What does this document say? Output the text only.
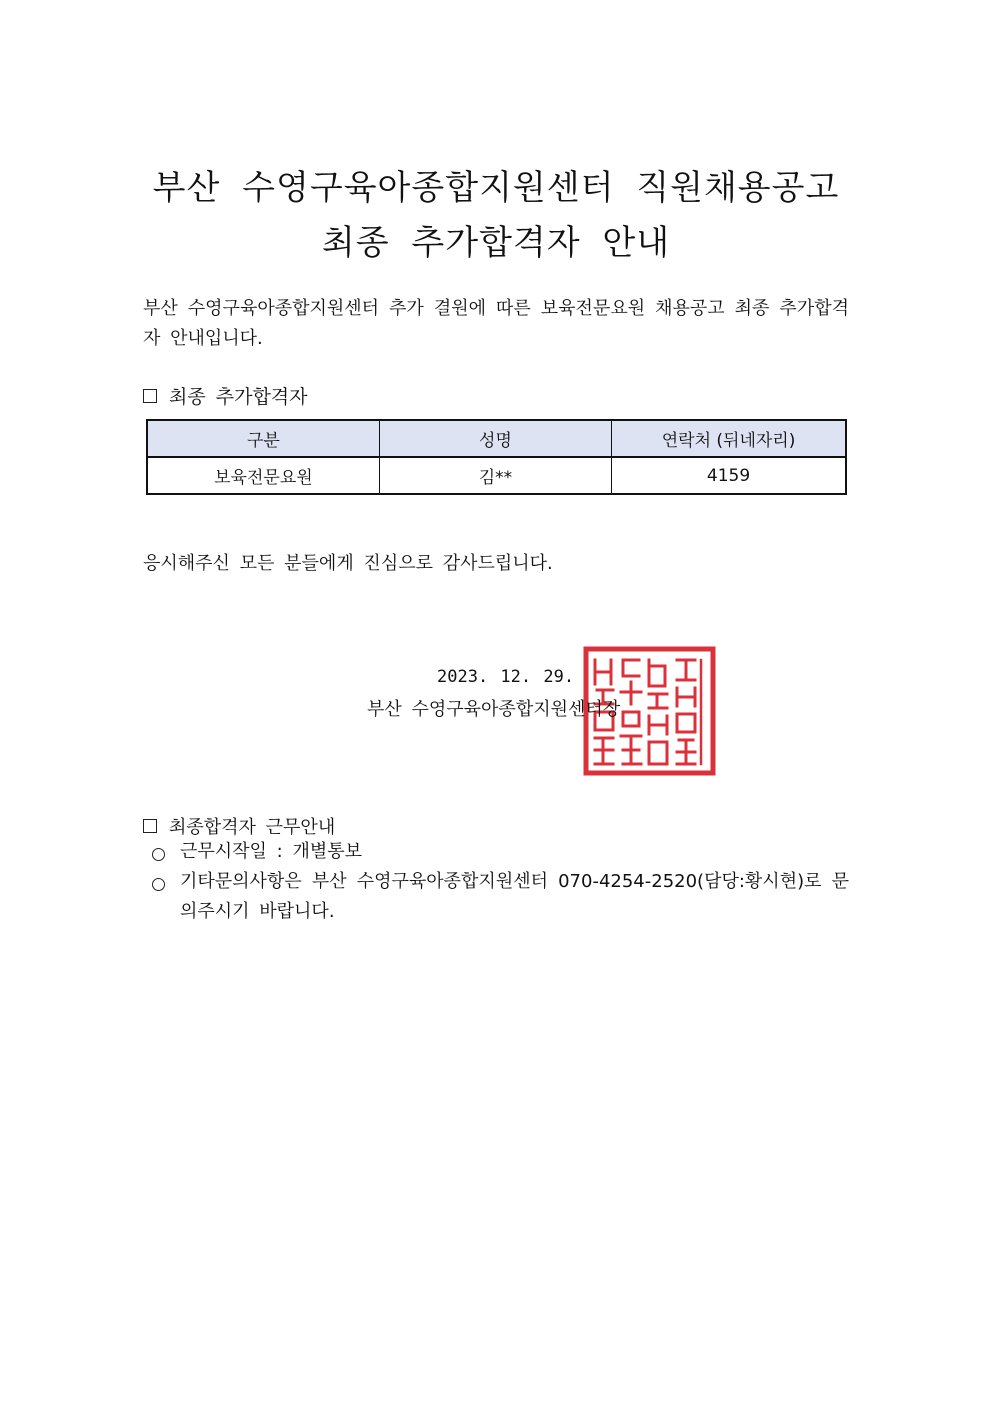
부산 수영구육아종합지원센터 직원채용공고
최종 추가합격자 안내
부산 수영구육아종합지원센터 추가 결원에 따른 보육전문요원 채용공고 최종 추가합격자 안내입니다.
최종 추가합격자
구분	성명	연락처 (뒤네자리)
보육전문요원	김**	4159
응시해주신 모든 분들에게 진심으로 감사드립니다.
2023. 12. 29.
부산 수영구육아종합지원센터장
최종합격자 근무안내
근무시작일 : 개별통보
기타문의사항은 부산 수영구육아종합지원센터 070-4254-2520(담당:황시현)로 문의주시기 바랍니다.
